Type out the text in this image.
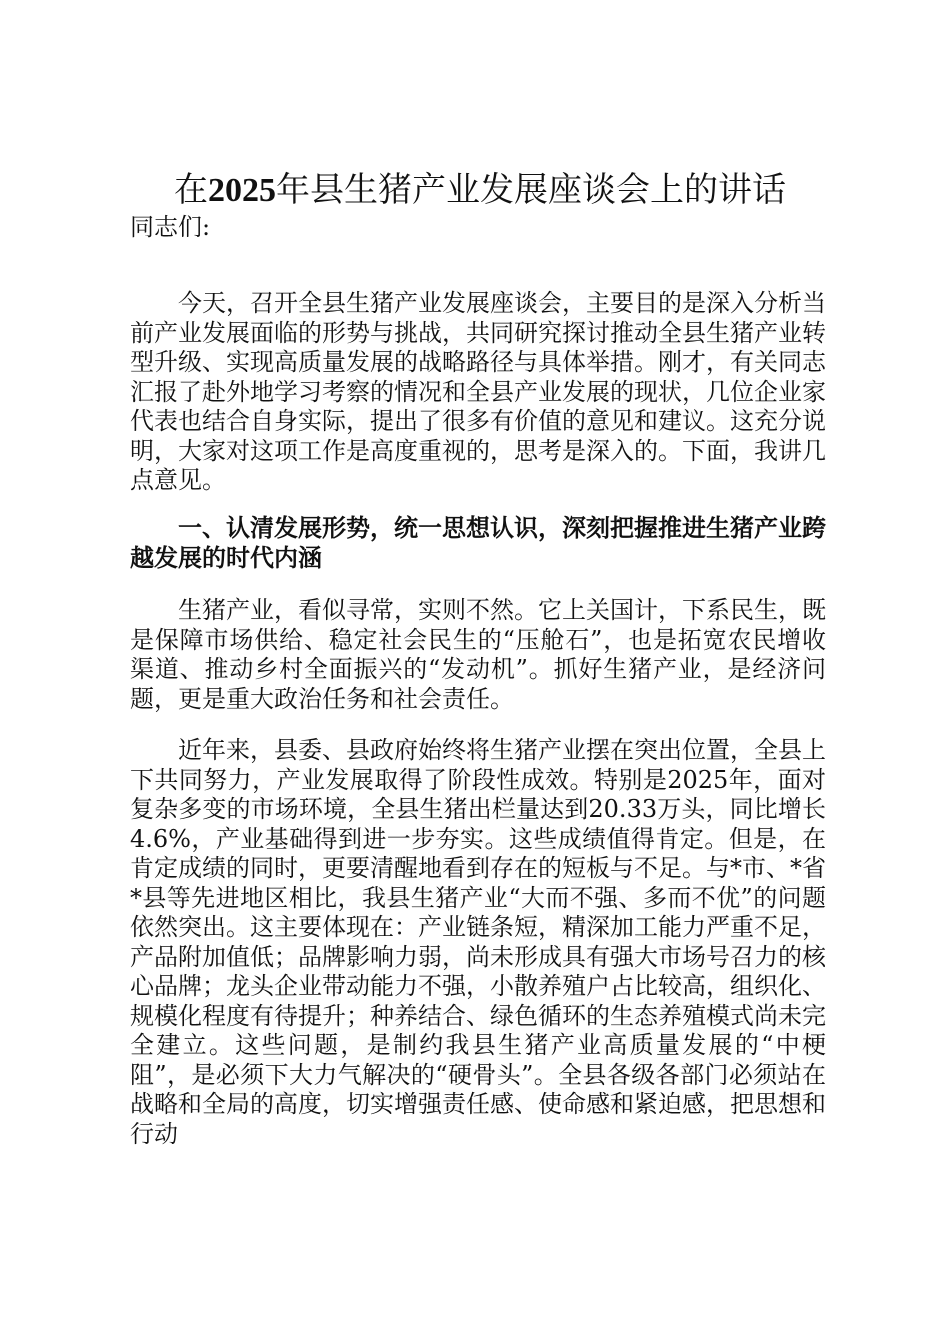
在2025年县生猪产业发展座谈会上的讲话
同志们:

今天，召开全县生猪产业发展座谈会，主要目的是深入分析当前产业发展面临的形势与挑战，共同研究探讨推动全县生猪产业转型升级、实现高质量发展的战略路径与具体举措。刚才，有关同志汇报了赴外地学习考察的情况和全县产业发展的现状，几位企业家代表也结合自身实际，提出了很多有价值的意见和建议。这充分说明，大家对这项工作是高度重视的，思考是深入的。下面，我讲几点意见。

一、认清发展形势，统一思想认识，深刻把握推进生猪产业跨越发展的时代内涵

生猪产业，看似寻常，实则不然。它上关国计，下系民生，既是保障市场供给、稳定社会民生的“压舱石”，也是拓宽农民增收渠道、推动乡村全面振兴的“发动机”。抓好生猪产业，是经济问题，更是重大政治任务和社会责任。

近年来，县委、县政府始终将生猪产业摆在突出位置，全县上下共同努力，产业发展取得了阶段性成效。特别是2025年，面对复杂多变的市场环境，全县生猪出栏量达到20.33万头，同比增长4.6%，产业基础得到进一步夯实。这些成绩值得肯定。但是，在肯定成绩的同时，更要清醒地看到存在的短板与不足。与*市、*省*县等先进地区相比，我县生猪产业“大而不强、多而不优”的问题依然突出。这主要体现在：产业链条短，精深加工能力严重不足，产品附加值低；品牌影响力弱，尚未形成具有强大市场号召力的核心品牌；龙头企业带动能力不强，小散养殖户占比较高，组织化、规模化程度有待提升；种养结合、绿色循环的生态养殖模式尚未完全建立。这些问题，是制约我县生猪产业高质量发展的“中梗阻”，是必须下大力气解决的“硬骨头”。全县各级各部门必须站在战略和全局的高度，切实增强责任感、使命感和紧迫感，把思想和行动
